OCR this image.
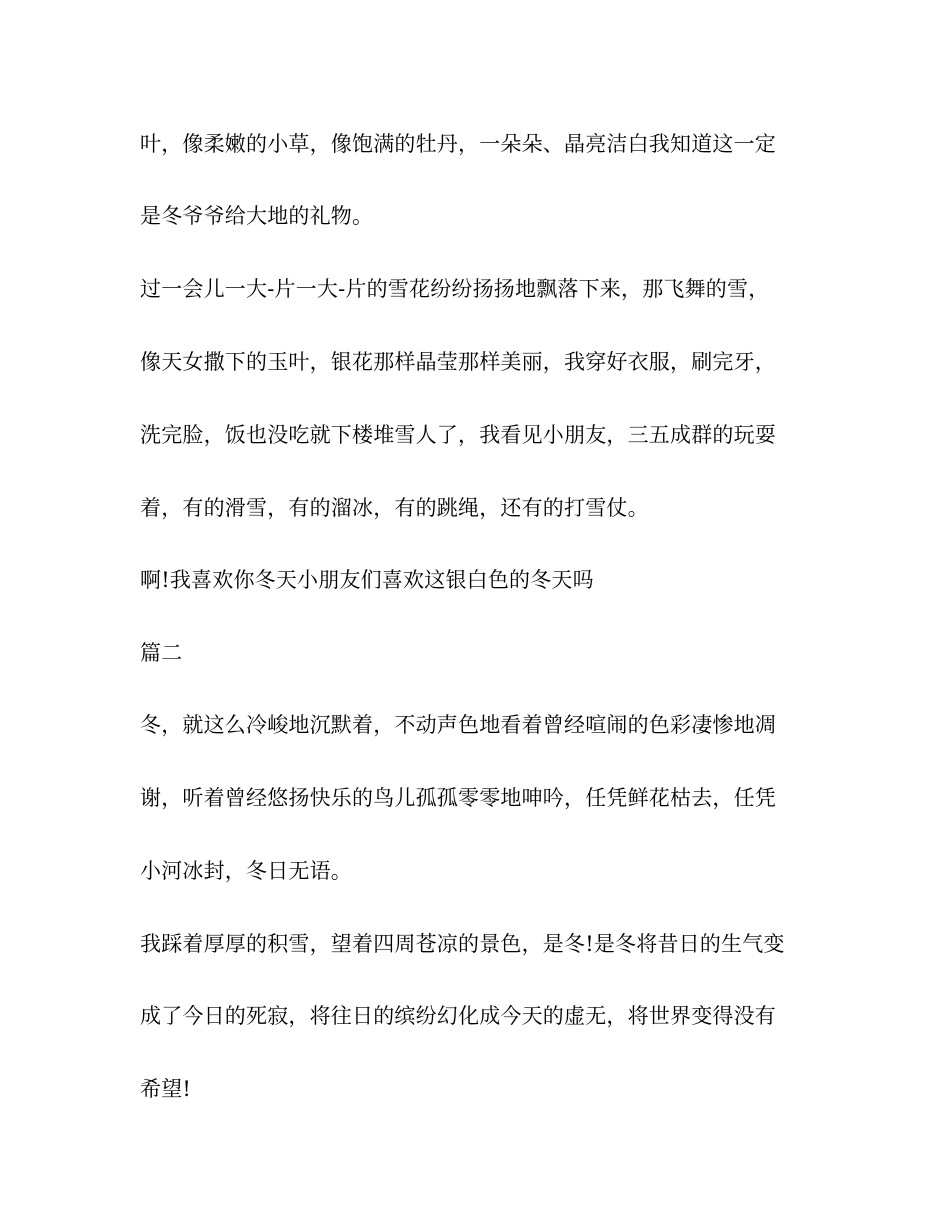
叶，像柔嫩的小草，像饱满的牡丹，一朵朵、晶亮洁白我知道这一定
是冬爷爷给大地的礼物。
过一会儿一大-片一大-片的雪花纷纷扬扬地飘落下来，那飞舞的雪，
像天女撒下的玉叶，银花那样晶莹那样美丽，我穿好衣服，刷完牙，
洗完脸，饭也没吃就下楼堆雪人了，我看见小朋友，三五成群的玩耍
着，有的滑雪，有的溜冰，有的跳绳，还有的打雪仗。
啊!我喜欢你冬天小朋友们喜欢这银白色的冬天吗
篇二
冬，就这么冷峻地沉默着，不动声色地看着曾经喧闹的色彩凄惨地凋
谢，听着曾经悠扬快乐的鸟儿孤孤零零地呻吟，任凭鲜花枯去，任凭
小河冰封，冬日无语。
我踩着厚厚的积雪，望着四周苍凉的景色，是冬!是冬将昔日的生气变
成了今日的死寂，将往日的缤纷幻化成今天的虚无，将世界变得没有
希望!
